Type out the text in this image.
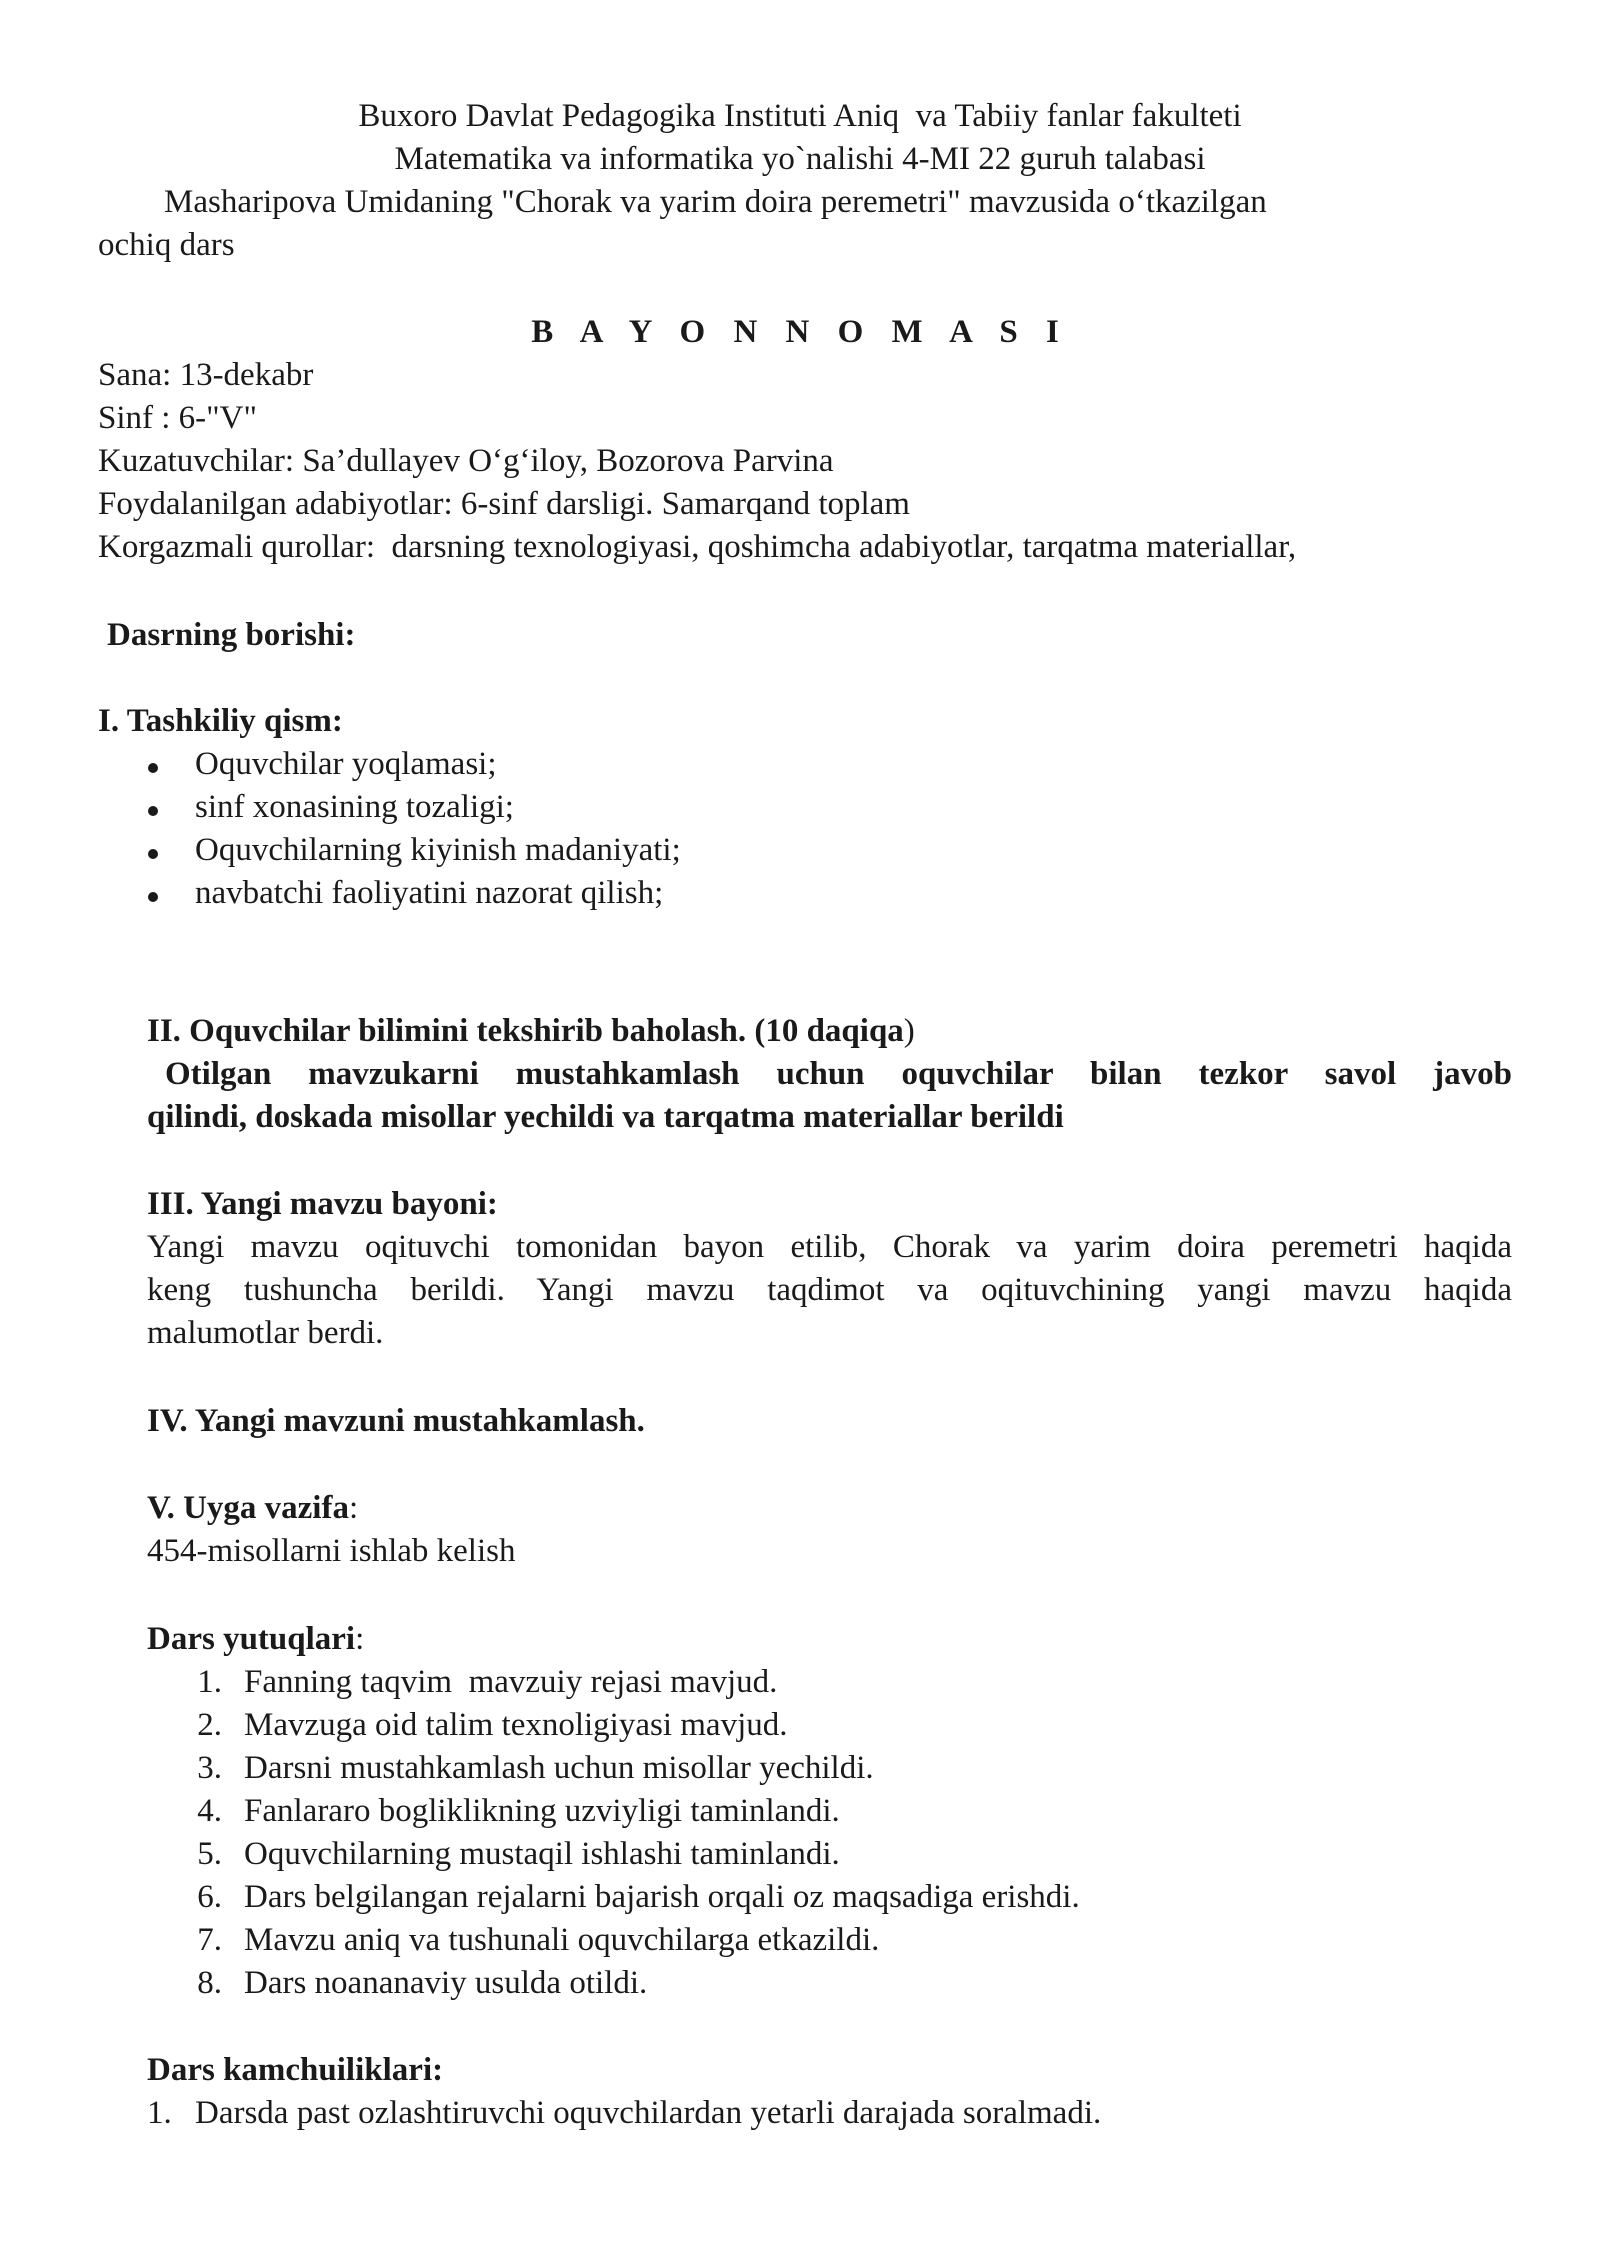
Buxoro Davlat Pedagogika Instituti Aniq  va Tabiiy fanlar fakulteti
Matematika va informatika yo`nalishi 4-MI 22 guruh talabasi
Masharipova Umidaning "Chorak va yarim doira peremetri" mavzusida o‘tkazilgan
ochiq dars
B A Y O N N O M A S I
Sana: 13-dekabr
Sinf : 6-"V"
Kuzatuvchilar: Sa’dullayev O‘g‘iloy, Bozorova Parvina
Foydalanilgan adabiyotlar: 6-sinf darsligi. Samarqand toplam
Korgazmali qurollar:  darsning texnologiyasi, qoshimcha adabiyotlar, tarqatma materiallar,
Dasrning borishi:
I. Tashkiliy qism:
Oquvchilar yoqlamasi;
sinf xonasining tozaligi;
Oquvchilarning kiyinish madaniyati;
navbatchi faoliyatini nazorat qilish;
II. Oquvchilar bilimini tekshirib baholash. (10 daqiqa)
Otilgan mavzukarni mustahkamlash uchun oquvchilar bilan tezkor savol javob
qilindi, doskada misollar yechildi va tarqatma materiallar berildi
III. Yangi mavzu bayoni:
Yangi mavzu oqituvchi tomonidan bayon etilib, Chorak va yarim doira peremetri haqida
keng tushuncha berildi. Yangi mavzu taqdimot va oqituvchining yangi mavzu haqida
malumotlar berdi.
IV. Yangi mavzuni mustahkamlash.
V. Uyga vazifa:
454-misollarni ishlab kelish
Dars yutuqlari:
1. Fanning taqvim  mavzuiy rejasi mavjud.
2. Mavzuga oid talim texnoligiyasi mavjud.
3. Darsni mustahkamlash uchun misollar yechildi.
4. Fanlararo bogliklikning uzviyligi taminlandi.
5. Oquvchilarning mustaqil ishlashi taminlandi.
6. Dars belgilangan rejalarni bajarish orqali oz maqsadiga erishdi.
7. Mavzu aniq va tushunali oquvchilarga etkazildi.
8. Dars noananaviy usulda otildi.
Dars kamchuiliklari:
1. Darsda past ozlashtiruvchi oquvchilardan yetarli darajada soralmadi.
